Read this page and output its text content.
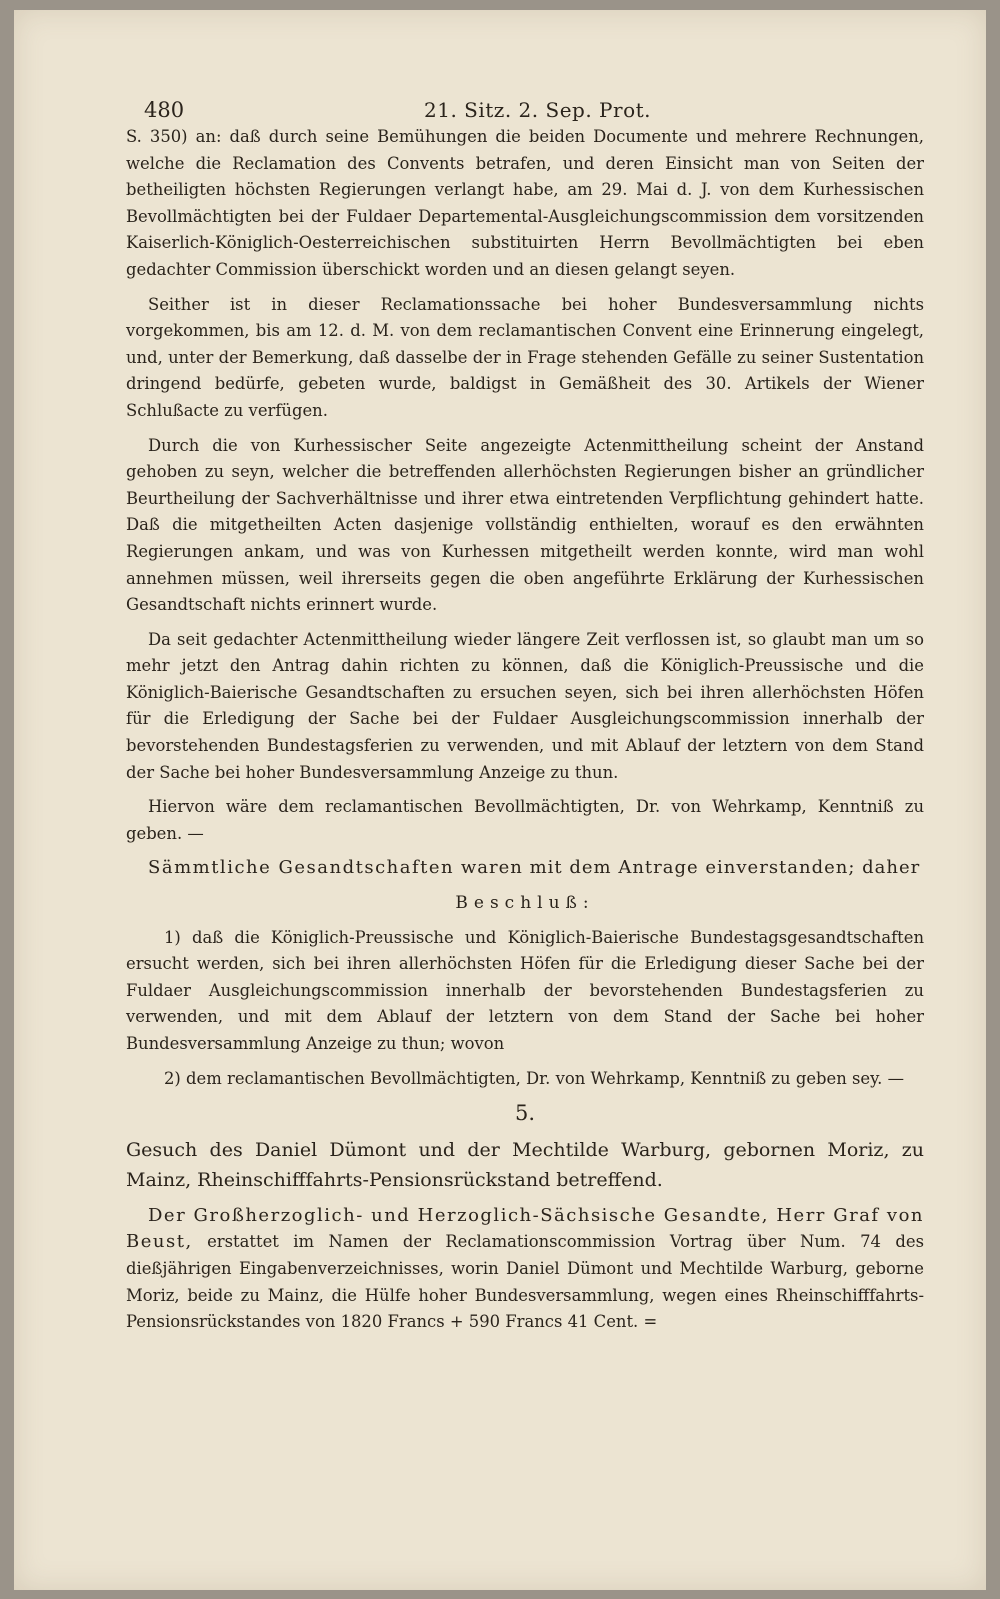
480	21. Sitz. 2. Sep. Prot.

S. 350) an: daß durch seine Bemühungen die beiden Documente und mehrere Rechnungen, welche die Reclamation des Convents betrafen, und deren Einsicht man von Seiten der betheiligten höchsten Regierungen verlangt habe, am 29. Mai d. J. von dem Kurhessischen Bevollmächtigten bei der Fuldaer Departemental-Ausgleichungscommission dem vorsitzenden Kaiserlich-Königlich-Oesterreichischen substituirten Herrn Bevollmächtigten bei eben gedachter Commission überschickt worden und an diesen gelangt seyen.

Seither ist in dieser Reclamationssache bei hoher Bundesversammlung nichts vorgekommen, bis am 12. d. M. von dem reclamantischen Convent eine Erinnerung eingelegt, und, unter der Bemerkung, daß dasselbe der in Frage stehenden Gefälle zu seiner Sustentation dringend bedürfe, gebeten wurde, baldigst in Gemäßheit des 30. Artikels der Wiener Schlußacte zu verfügen.

Durch die von Kurhessischer Seite angezeigte Actenmittheilung scheint der Anstand gehoben zu seyn, welcher die betreffenden allerhöchsten Regierungen bisher an gründlicher Beurtheilung der Sachverhältnisse und ihrer etwa eintretenden Verpflichtung gehindert hatte. Daß die mitgetheilten Acten dasjenige vollständig enthielten, worauf es den erwähnten Regierungen ankam, und was von Kurhessen mitgetheilt werden konnte, wird man wohl annehmen müssen, weil ihrerseits gegen die oben angeführte Erklärung der Kurhessischen Gesandtschaft nichts erinnert wurde.

Da seit gedachter Actenmittheilung wieder längere Zeit verflossen ist, so glaubt man um so mehr jetzt den Antrag dahin richten zu können, daß die Königlich-Preussische und die Königlich-Baierische Gesandtschaften zu ersuchen seyen, sich bei ihren allerhöchsten Höfen für die Erledigung der Sache bei der Fuldaer Ausgleichungscommission innerhalb der bevorstehenden Bundestagsferien zu verwenden, und mit Ablauf der letztern von dem Stand der Sache bei hoher Bundesversammlung Anzeige zu thun.

Hiervon wäre dem reclamantischen Bevollmächtigten, Dr. von Wehrkamp, Kenntniß zu geben. —

Sämmtliche Gesandtschaften waren mit dem Antrage einverstanden; daher

Beschluß:

1) daß die Königlich-Preussische und Königlich-Baierische Bundestagsgesandtschaften ersucht werden, sich bei ihren allerhöchsten Höfen für die Erledigung dieser Sache bei der Fuldaer Ausgleichungscommission innerhalb der bevorstehenden Bundestagsferien zu verwenden, und mit dem Ablauf der letztern von dem Stand der Sache bei hoher Bundesversammlung Anzeige zu thun; wovon

2) dem reclamantischen Bevollmächtigten, Dr. von Wehrkamp, Kenntniß zu geben sey. —

5.

Gesuch des Daniel Dümont und der Mechtilde Warburg, gebornen Moriz, zu Mainz, Rheinschifffahrts-Pensionsrückstand betreffend.

Der Großherzoglich- und Herzoglich-Sächsische Gesandte, Herr Graf von Beust, erstattet im Namen der Reclamationscommission Vortrag über Num. 74 des dießjährigen Eingabenverzeichnisses, worin Daniel Dümont und Mechtilde Warburg, geborne Moriz, beide zu Mainz, die Hülfe hoher Bundesversammlung, wegen eines Rheinschifffahrts-Pensionsrückstandes von 1820 Francs + 590 Francs 41 Cent. =
